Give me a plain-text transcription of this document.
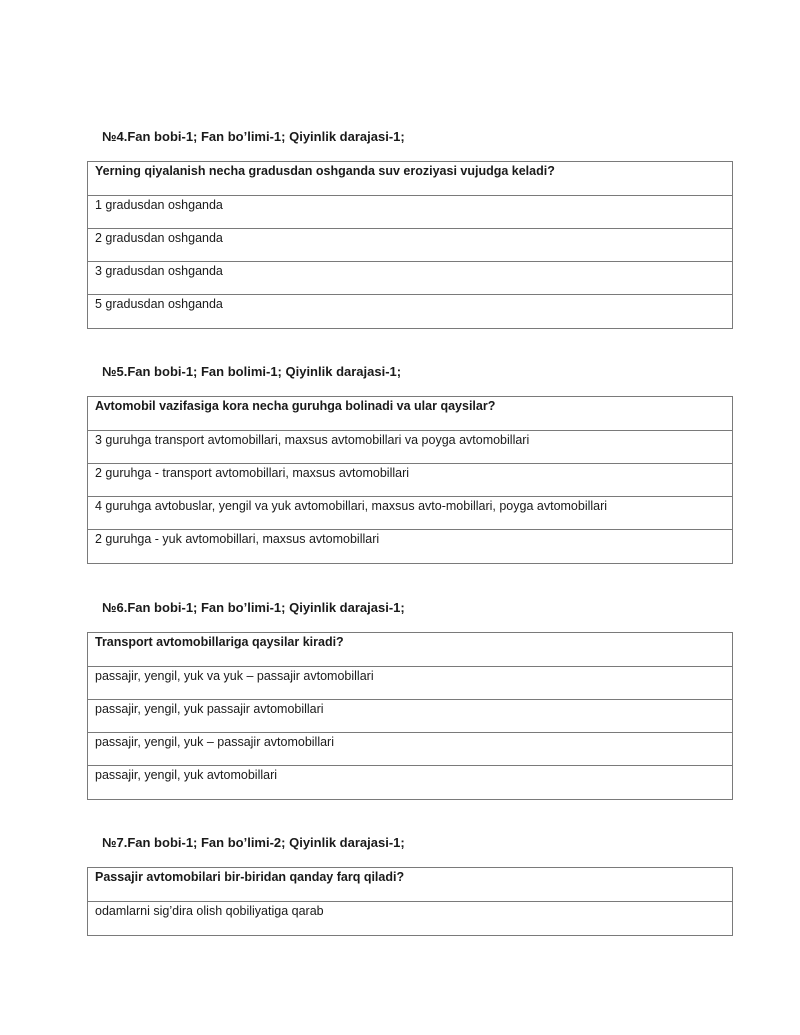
№4.Fan bobi-1; Fan bo’limi-1; Qiyinlik darajasi-1;
Yerning qiyalanish necha gradusdan oshganda suv eroziyasi vujudga keladi?
1 gradusdan oshganda
2 gradusdan oshganda
3 gradusdan oshganda
5 gradusdan oshganda
№5.Fan bobi-1; Fan bolimi-1; Qiyinlik darajasi-1;
Avtomobil vazifasiga kora necha guruhga bolinadi va ular qaysilar?
3 guruhga transport avtomobillari, maxsus avtomobillari va poyga avtomobillari
2 guruhga - transport avtomobillari, maxsus avtomobillari
4 guruhga avtobuslar, yengil va yuk avtomobillari, maxsus avto-mobillari, poyga avtomobillari
2 guruhga - yuk avtomobillari, maxsus avtomobillari
№6.Fan bobi-1; Fan bo’limi-1; Qiyinlik darajasi-1;
Transport avtomobillariga qaysilar kiradi?
passajir, yengil, yuk va yuk – passajir avtomobillari
passajir, yengil, yuk passajir avtomobillari
passajir, yengil, yuk – passajir avtomobillari
passajir, yengil, yuk avtomobillari
№7.Fan bobi-1; Fan bo’limi-2; Qiyinlik darajasi-1;
Passajir avtomobilari bir-biridan qanday farq qiladi?
odamlarni sig’dira olish qobiliyatiga qarab
